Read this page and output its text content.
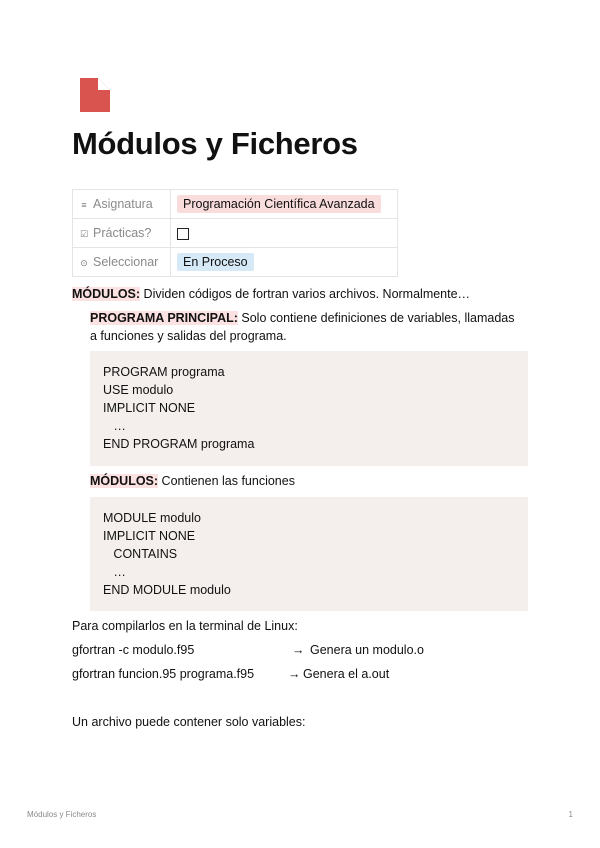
Módulos y Ficheros
≡ Asignatura	Programación Científica Avanzada
☑ Prácticas?	
⊙ Seleccionar	En Proceso

MÓDULOS: Dividen códigos de fortran varios archivos. Normalmente…

PROGRAMA PRINCIPAL: Solo contiene definiciones de variables, llamadas

a funciones y salidas del programa.

PROGRAM programa
USE modulo
IMPLICIT NONE
…
END PROGRAM programa

MÓDULOS: Contienen las funciones

MODULE modulo
IMPLICIT NONE
CONTAINS
…
END MODULE modulo

Para compilarlos en la terminal de Linux:

gfortran -c modulo.f95	→ Genera un modulo.o

gfortran funcion.95 programa.f95	→ Genera el a.out

Un archivo puede contener solo variables:

Módulos y Ficheros	1
